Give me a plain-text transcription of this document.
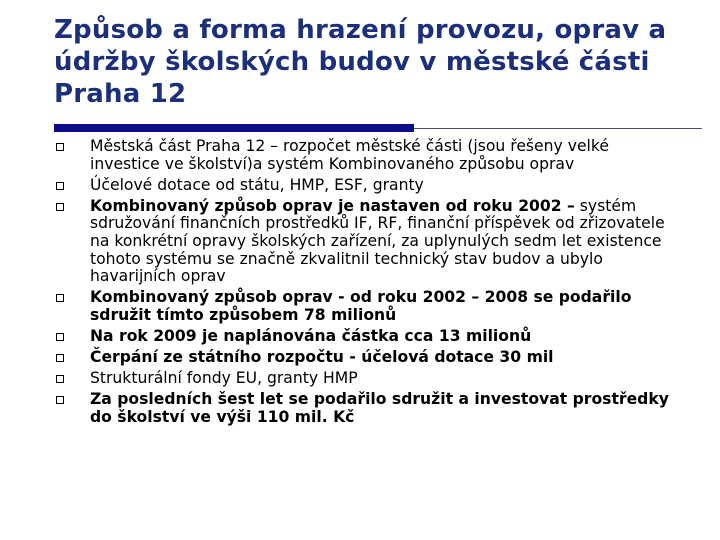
Způsob a forma hrazení provozu, oprav a údržby školských budov v městské části Praha 12
Městská část Praha 12 – rozpočet městské části (jsou řešeny velké investice ve školství)a systém Kombinovaného způsobu oprav
Účelové dotace od státu, HMP, ESF, granty
Kombinovaný způsob oprav je nastaven od roku 2002 – systém sdružování finančních prostředků IF, RF, finanční příspěvek od zřizovatele na konkrétní opravy školských zařízení, za uplynulých sedm let existence tohoto systému se značně zkvalitnil technický stav budov a ubylo havarijních oprav
Kombinovaný způsob oprav - od roku 2002 – 2008 se podařilo sdružit tímto způsobem 78 milionů
Na rok 2009 je naplánována částka cca 13 milionů
Čerpání ze státního rozpočtu - účelová dotace 30 mil
Strukturální fondy EU, granty HMP
Za posledních šest let se podařilo sdružit a investovat prostředky do školství ve výši 110 mil. Kč
